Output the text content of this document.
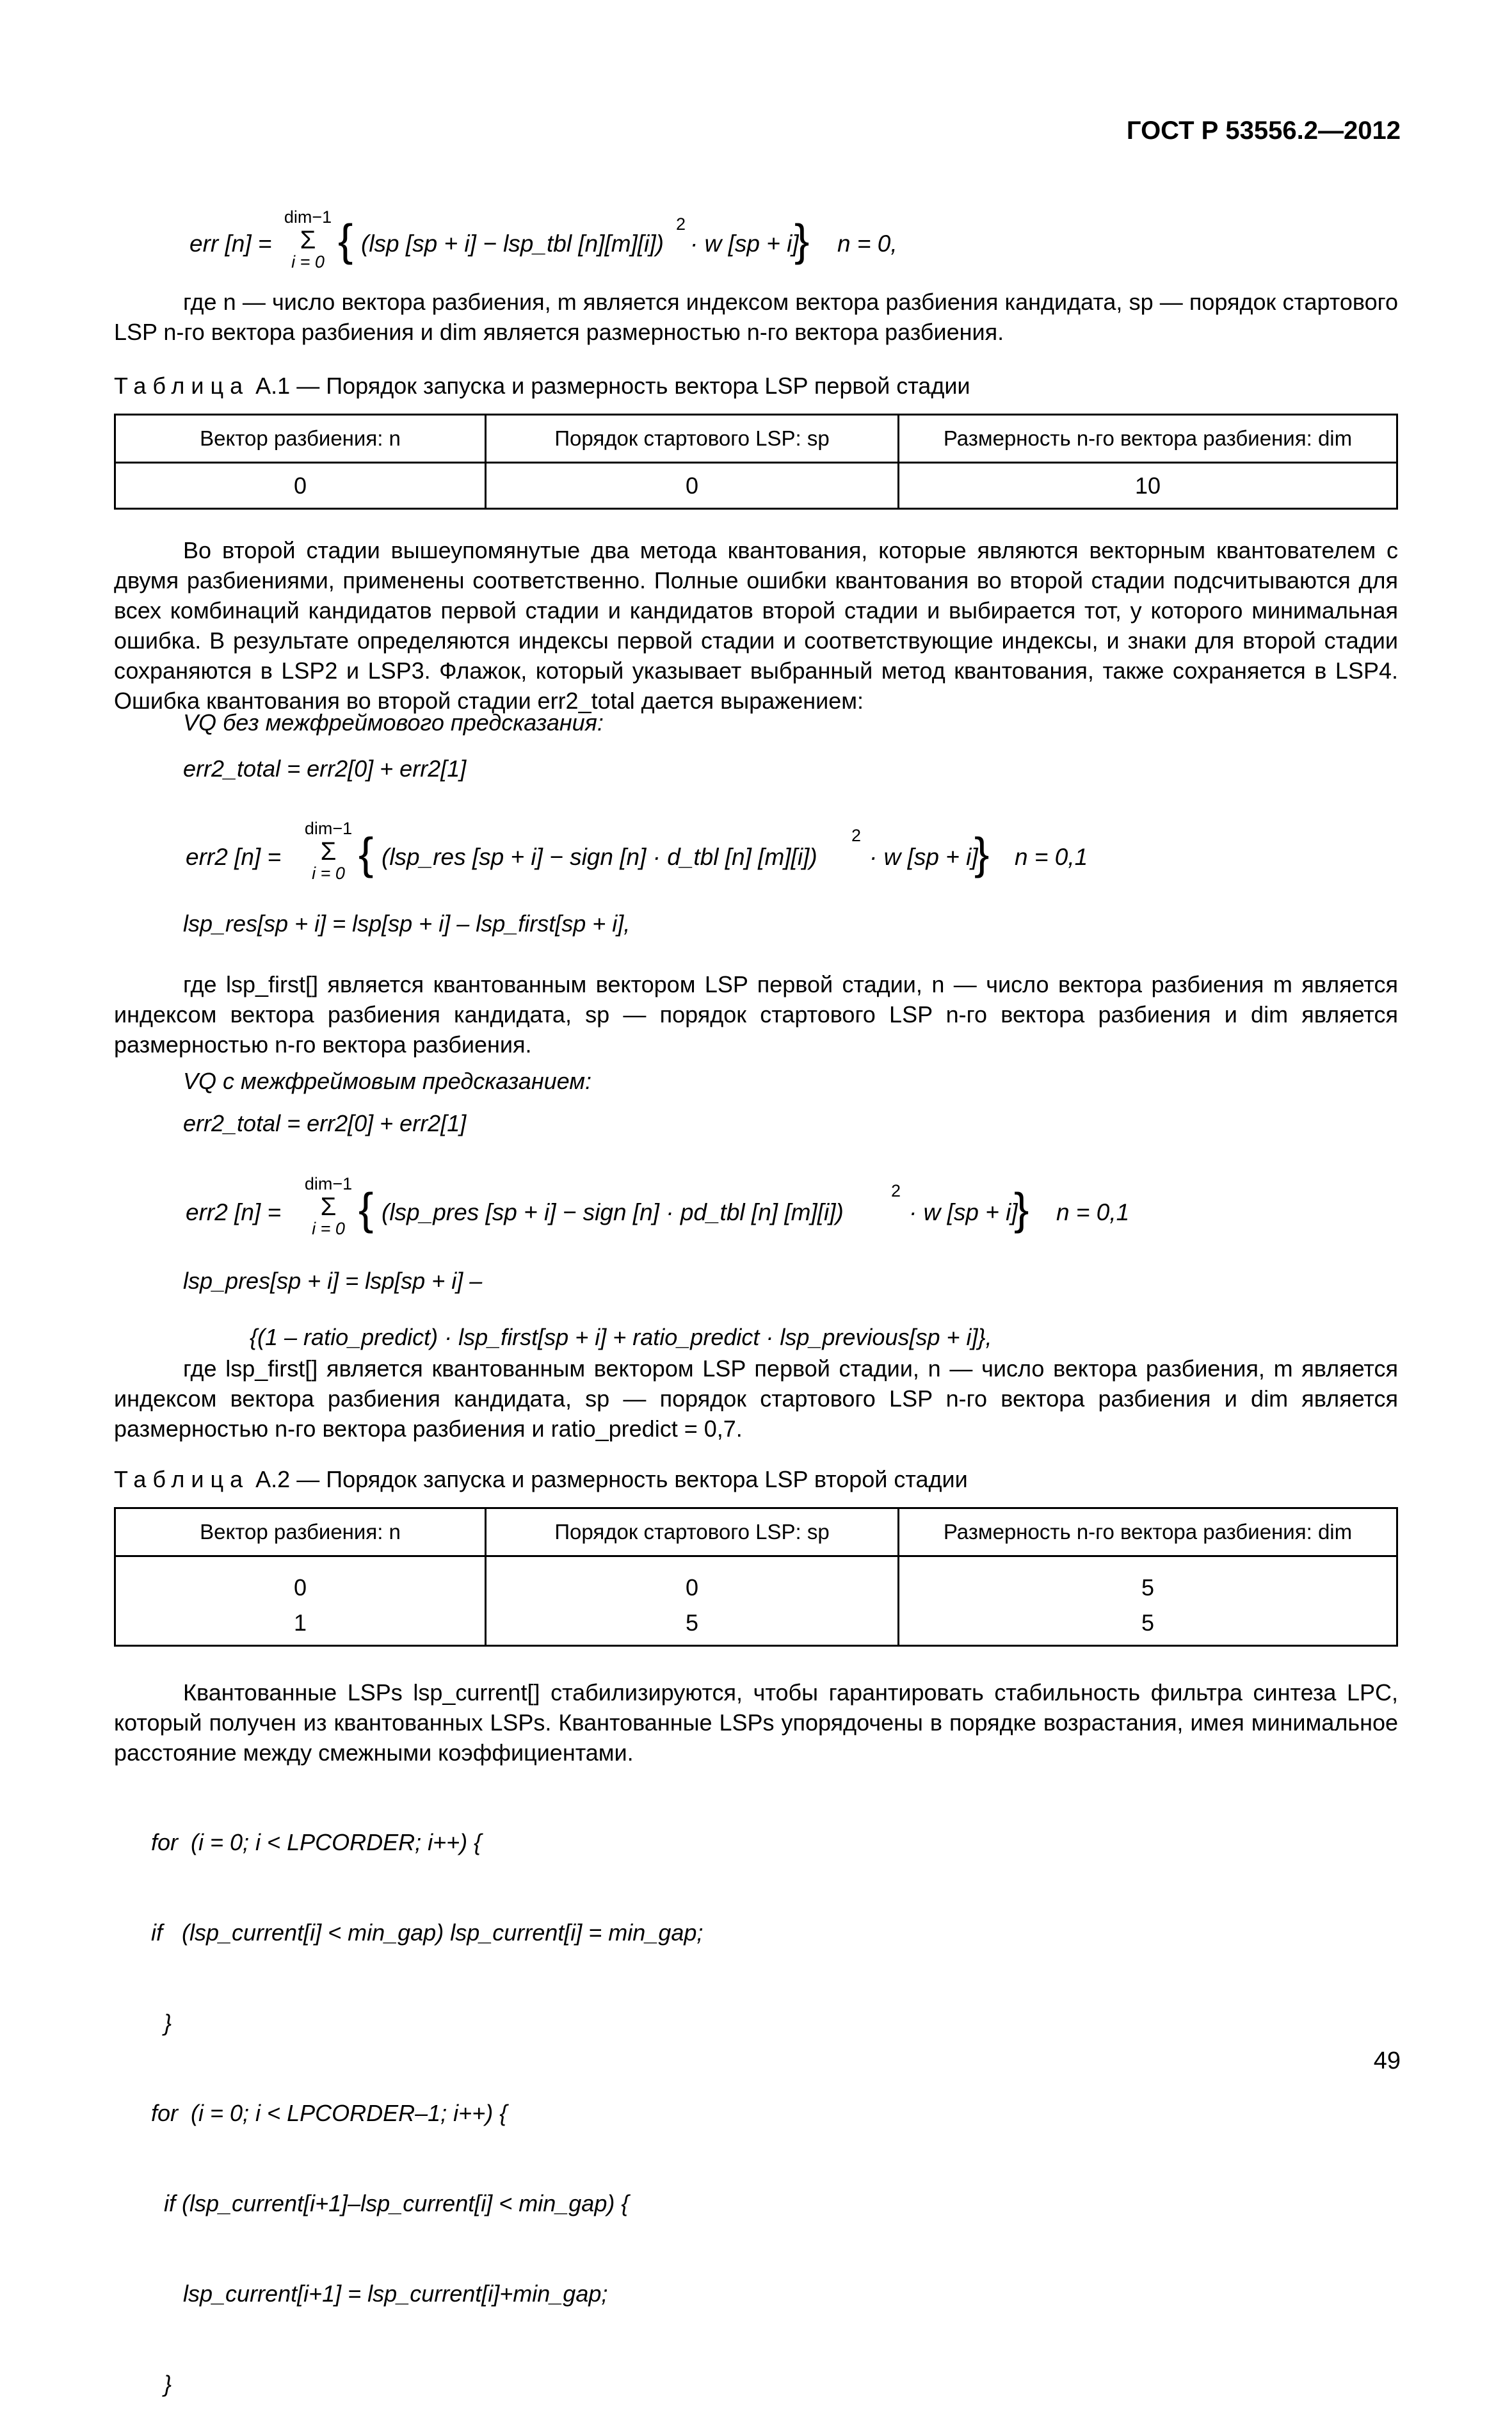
ГОСТ Р 53556.2—2012
err [n] =
dim−1
Σ
i = 0 { (lsp [sp + i] − lsp_tbl [n][m][i])
2
· w [sp + i]
} n = 0,
где n — число вектора разбиения, m является индексом вектора разбиения кандидата, sp — порядок стартового LSP n-го вектора разбиения и dim является размерностью n-го вектора разбиения.
Таблица А.1 — Порядок запуска и размерность вектора LSP первой стадии
Вектор разбиения: n	Порядок стартового LSP: sp	Размерность n-го вектора разбиения: dim
0	0	10
Во второй стадии вышеупомянутые два метода квантования, которые являются векторным квантователем с двумя разбиениями, применены соответственно. Полные ошибки квантования во второй стадии подсчитываются для всех комбинаций кандидатов первой стадии и кандидатов второй стадии и выбирается тот, у которого минимальная ошибка. В результате определяются индексы первой стадии и соответствующие индексы, и знаки для второй стадии сохраняются в LSP2 и LSP3. Флажок, который указывает выбранный метод квантования, также сохраняется в LSP4. Ошибка квантования во второй стадии err2_total дается выражением:
VQ без межфреймового предсказания:
err2_total = err2[0] + err2[1]
err2 [n] =
dim−1
Σ
i = 0 { (lsp_res [sp + i] − sign [n] · d_tbl [n] [m][i])
2
· w [sp + i]
} n = 0,1
lsp_res[sp + i] = lsp[sp + i] – lsp_first[sp + i],
где lsp_first[] является квантованным вектором LSP первой стадии, n — число вектора разбиения m является индексом вектора разбиения кандидата, sp — порядок стартового LSP n-го вектора разбиения и dim является размерностью n-го вектора разбиения.
VQ с межфреймовым предсказанием:
err2_total = err2[0] + err2[1]
err2 [n] =
dim−1
Σ
i = 0 { (lsp_pres [sp + i] − sign [n] · pd_tbl [n] [m][i])
2
· w [sp + i]
} n = 0,1
lsp_pres[sp + i] = lsp[sp + i] –
{(1 – ratio_predict) · lsp_first[sp + i] + ratio_predict · lsp_previous[sp + i]},
где lsp_first[] является квантованным вектором LSP первой стадии, n — число вектора разбиения, m является индексом вектора разбиения кандидата, sp — порядок стартового LSP n-го вектора разбиения и dim является размерностью n-го вектора разбиения и ratio_predict = 0,7.
Таблица А.2 — Порядок запуска и размерность вектора LSP второй стадии
Вектор разбиения: n	Порядок стартового LSP: sp	Размерность n-го вектора разбиения: dim
0	0	5
1	5	5
Квантованные LSPs lsp_current[] стабилизируются, чтобы гарантировать стабильность фильтра синтеза LPC, который получен из квантованных LSPs. Квантованные LSPs упорядочены в порядке возрастания, имея минимальное расстояние между смежными коэффициентами.

for  (i = 0; i < LPCORDER; i++) {

if   (lsp_current[i] < min_gap) lsp_current[i] = min_gap;

}

for  (i = 0; i < LPCORDER–1; i++) {

if (lsp_current[i+1]–lsp_current[i] < min_gap) {

lsp_current[i+1] = lsp_current[i]+min_gap;

}

49
